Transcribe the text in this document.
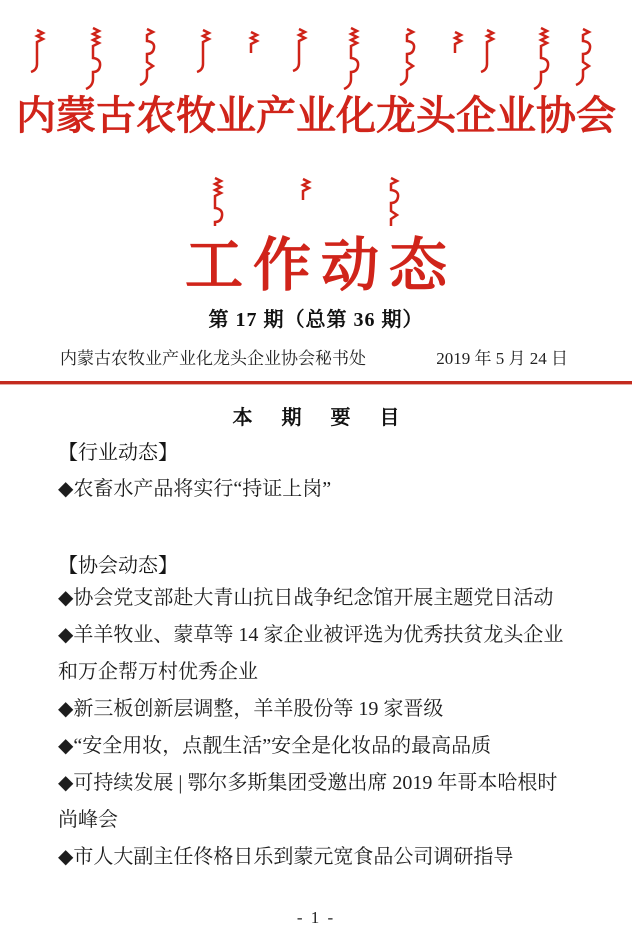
内蒙古农牧业产业化龙头企业协会
工作动态
第 17 期（总第 36 期）
内蒙古农牧业产业化龙头企业协会秘书处	2019 年 5 月 24 日
本 期 要 目
【行业动态】
◆农畜水产品将实行“持证上岗”
【协会动态】
◆协会党支部赴大青山抗日战争纪念馆开展主题党日活动
◆羊羊牧业、蒙草等 14 家企业被评选为优秀扶贫龙头企业
和万企帮万村优秀企业
◆新三板创新层调整，羊羊股份等 19 家晋级
◆“安全用妆，点靓生活”安全是化妆品的最高品质
◆可持续发展 | 鄂尔多斯集团受邀出席 2019 年哥本哈根时
尚峰会
◆市人大副主任佟格日乐到蒙元宽食品公司调研指导
- 1 -
